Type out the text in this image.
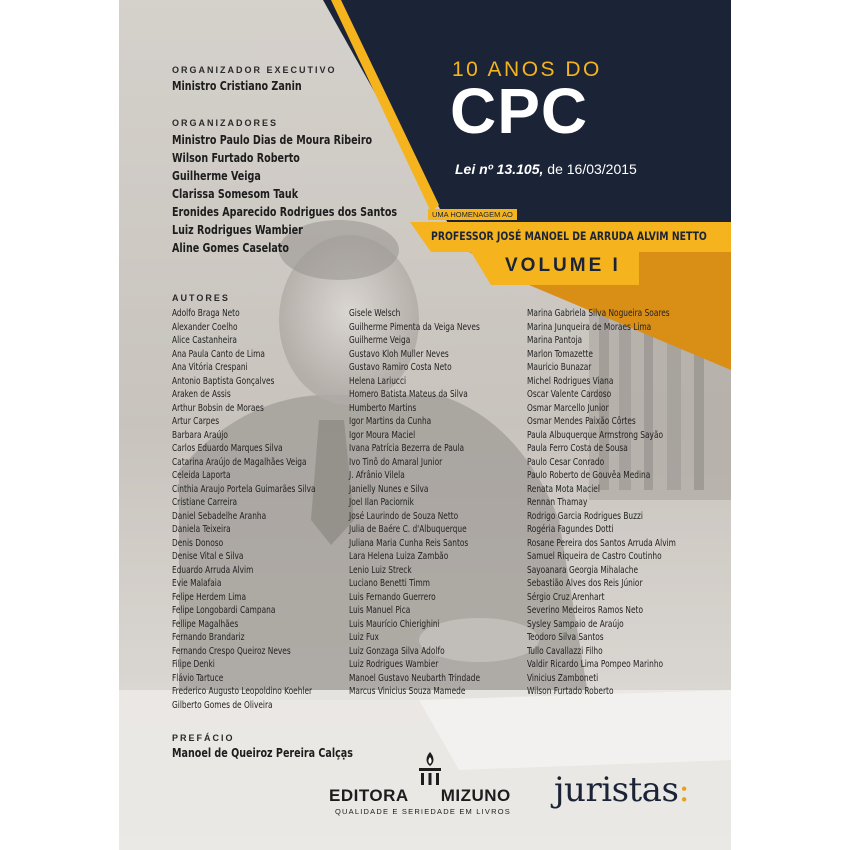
10 ANOS DO
CPC
Lei nº 13.105, de 16/03/2015
UMA HOMENAGEM AO
PROFESSOR JOSÉ MANOEL DE ARRUDA ALVIM NETTO
VOLUME I
ORGANIZADOR EXECUTIVO
Ministro Cristiano Zanin
ORGANIZADORES
Ministro Paulo Dias de Moura Ribeiro
Wilson Furtado Roberto
Guilherme Veiga
Clarissa Somesom Tauk
Eronides Aparecido Rodrigues dos Santos
Luiz Rodrigues Wambier
Aline Gomes Caselato
AUTORES
Adolfo Braga Neto
Alexander Coelho
Alice Castanheira
Ana Paula Canto de Lima
Ana Vitória Crespani
Antonio Baptista Gonçalves
Araken de Assis
Arthur Bobsin de Moraes
Artur Carpes
Barbara Araújo
Carlos Eduardo Marques Silva
Catarina Araújo de Magalhães Veiga
Celeida Laporta
Cinthia Araujo Portela Guimarães Silva
Cristiane Carreira
Daniel Sebadelhe Aranha
Daniela Teixeira
Denis Donoso
Denise Vital e Silva
Eduardo Arruda Alvim
Evie Malafaia
Felipe Herdem Lima
Felipe Longobardi Campana
Fellipe Magalhães
Fernando Brandariz
Fernando Crespo Queiroz Neves
Filipe Denki
Flávio Tartuce
Frederico Augusto Leopoldino Koehler
Gilberto Gomes de Oliveira
Gisele Welsch
Guilherme Pimenta da Veiga Neves
Guilherme Veiga
Gustavo Kloh Muller Neves
Gustavo Ramiro Costa Neto
Helena Lariucci
Homero Batista Mateus da Silva
Humberto Martins
Igor Martins da Cunha
Igor Moura Maciel
Ivana Patrícia Bezerra de Paula
Ivo Tinô do Amaral Junior
J. Afrânio Vilela
Janielly Nunes e Silva
Joel Ilan Paciornik
José Laurindo de Souza Netto
Julia de Baére C. d'Albuquerque
Juliana Maria Cunha Reis Santos
Lara Helena Luiza Zambão
Lenio Luiz Streck
Luciano Benetti Timm
Luis Fernando Guerrero
Luis Manuel Pica
Luis Maurício Chierighini
Luiz Fux
Luiz Gonzaga Silva Adolfo
Luiz Rodrigues Wambier
Manoel Gustavo Neubarth Trindade
Marcus Vinicius Souza Mamede
Marina Gabriela Silva Nogueira Soares
Marina Junqueira de Moraes Lima
Marina Pantoja
Marlon Tomazette
Mauricio Bunazar
Michel Rodrigues Viana
Oscar Valente Cardoso
Osmar Marcello Junior
Osmar Mendes Paixão Côrtes
Paula Albuquerque Armstrong Sayão
Paula Ferro Costa de Sousa
Paulo Cesar Conrado
Paulo Roberto de Gouvêa Medina
Renata Mota Maciel
Rennan Thamay
Rodrigo Garcia Rodrigues Buzzi
Rogéria Fagundes Dotti
Rosane Pereira dos Santos Arruda Alvim
Samuel Riqueira de Castro Coutinho
Sayoanara Georgia Mihalache
Sebastião Alves dos Reis Júnior
Sérgio Cruz Arenhart
Severino Medeiros Ramos Neto
Sysley Sampaio de Araújo
Teodoro Silva Santos
Tullo Cavallazzi Filho
Valdir Ricardo Lima Pompeo Marinho
Vinicius Zamboneti
Wilson Furtado Roberto
PREFÁCIO
Manoel de Queiroz Pereira Calçạs
EDITORA MIZUNO
QUALIDADE E SERIEDADE EM LIVROS
juristas:
